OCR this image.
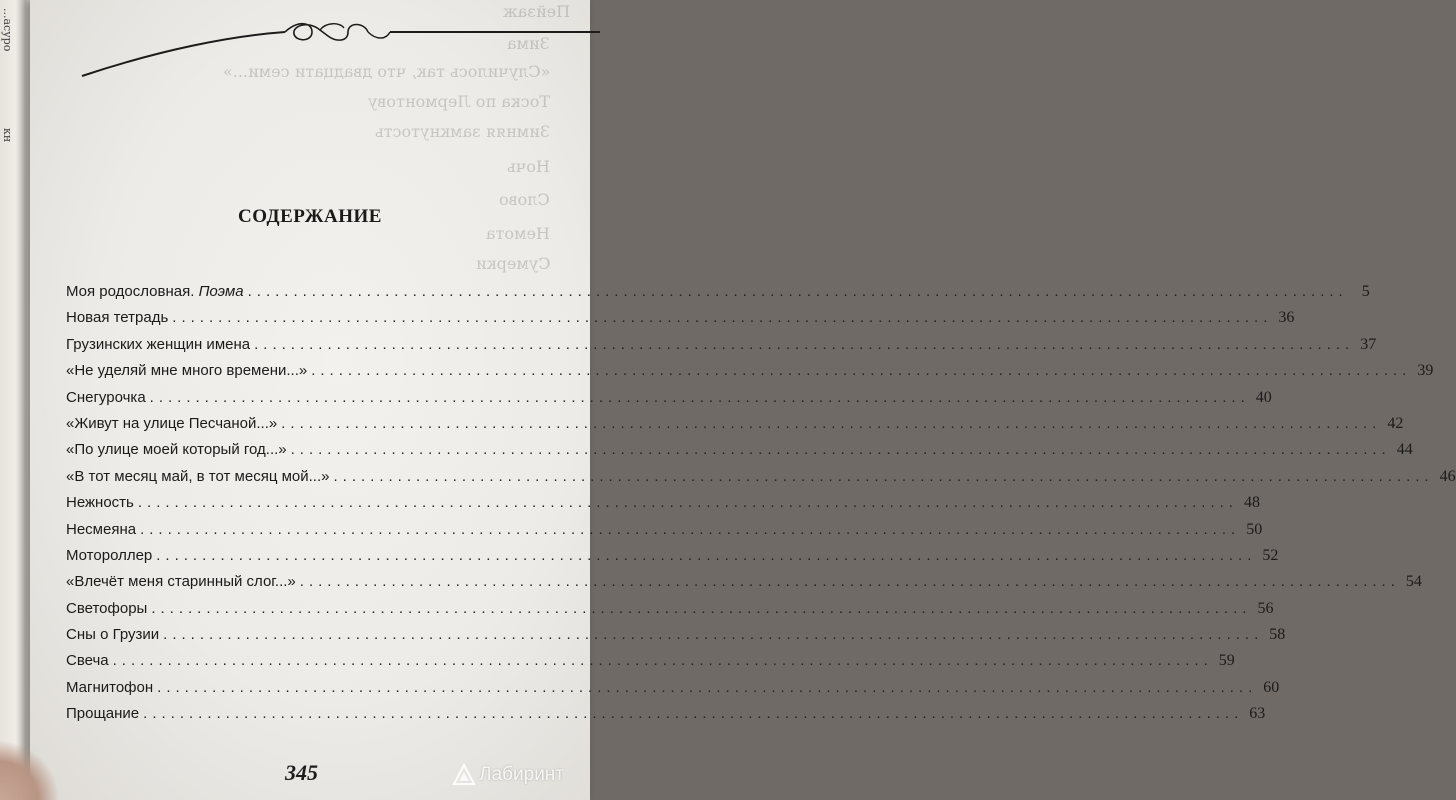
...асуро
кн
Пейзаж
Зима
«Случилось так, что двадцати семи...»
Тоска по Лермонтову
Зимняя замкнутость
Ночь
Слово
Немота
Сумерки
СОДЕРЖАНИЕ
Моя родословная. Поэма ........................................................................................................................ 5
Новая тетрадь ........................................................................................................................ 36
Грузинских женщин имена ........................................................................................................................ 37
«Не уделяй мне много времени...» ........................................................................................................................ 39
Снегурочка ........................................................................................................................ 40
«Живут на улице Песчаной...» ........................................................................................................................ 42
«По улице моей который год...» ........................................................................................................................ 44
«В тот месяц май, в тот месяц мой...» ........................................................................................................................ 46
Нежность ........................................................................................................................ 48
Несмеяна ........................................................................................................................ 50
Мотороллер ........................................................................................................................ 52
«Влечёт меня старинный слог...» ........................................................................................................................ 54
Светофоры ........................................................................................................................ 56
Сны о Грузии ........................................................................................................................ 58
Свеча ........................................................................................................................ 59
Магнитофон ........................................................................................................................ 60
Прощание ........................................................................................................................ 63
345	Лабиринт
